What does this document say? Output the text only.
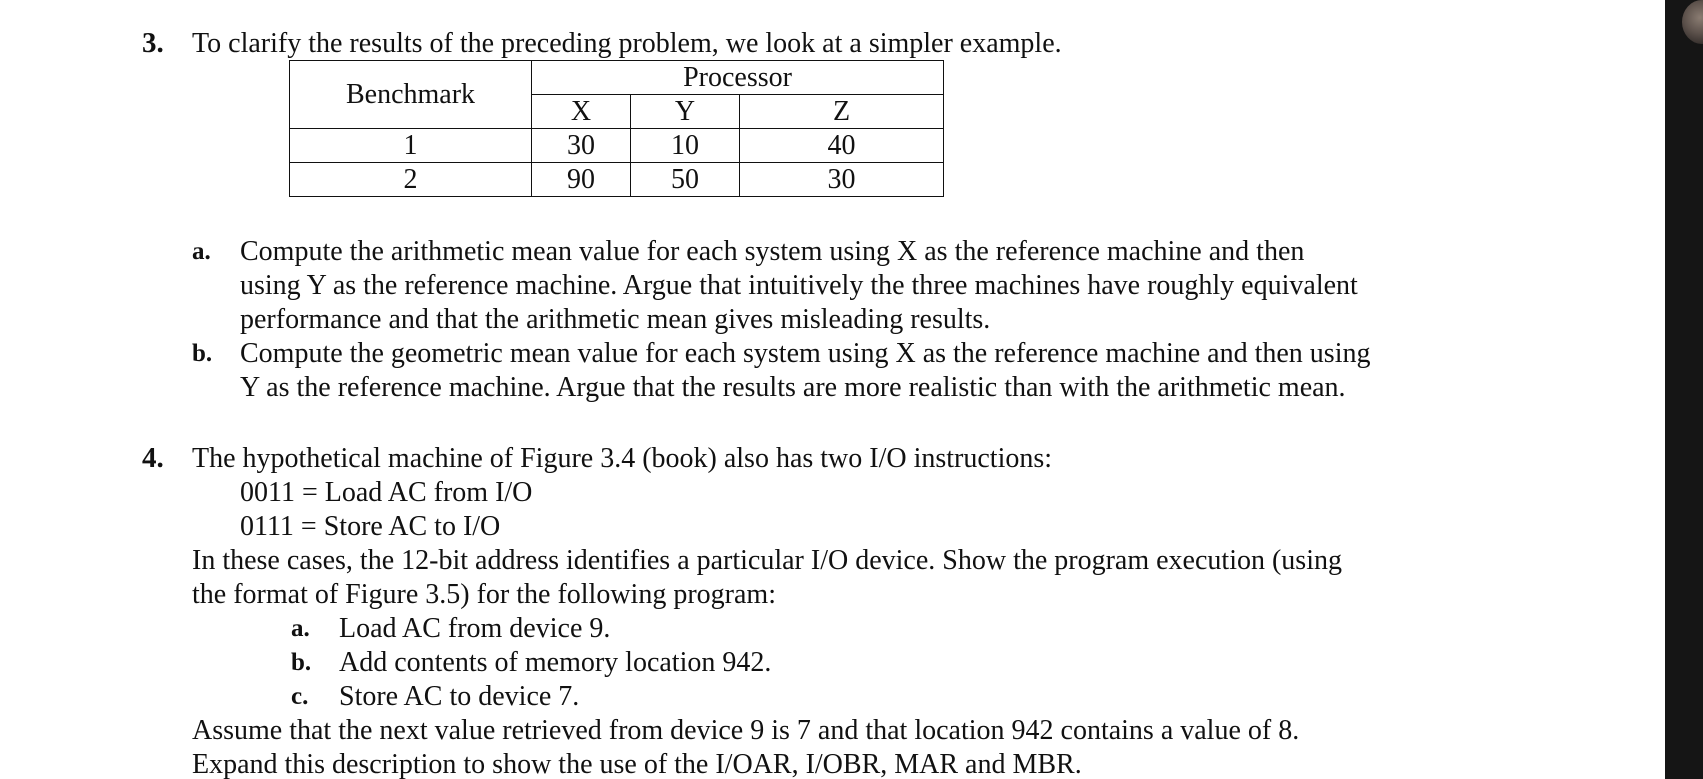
3. To clarify the results of the preceding problem, we look at a simpler example.
Benchmark	Processor		
	X	Y	Z
1	30	10	40
2	90	50	30
a. Compute the arithmetic mean value for each system using X as the reference machine and then
using Y as the reference machine. Argue that intuitively the three machines have roughly equivalent
performance and that the arithmetic mean gives misleading results.
b. Compute the geometric mean value for each system using X as the reference machine and then using
Y as the reference machine. Argue that the results are more realistic than with the arithmetic mean.
4. The hypothetical machine of Figure 3.4 (book) also has two I/O instructions:
0011 = Load AC from I/O
0111 = Store AC to I/O
In these cases, the 12-bit address identifies a particular I/O device. Show the program execution (using
the format of Figure 3.5) for the following program:
a. Load AC from device 9.
b. Add contents of memory location 942.
c. Store AC to device 7.
Assume that the next value retrieved from device 9 is 7 and that location 942 contains a value of 8.
Expand this description to show the use of the I/OAR, I/OBR, MAR and MBR.
